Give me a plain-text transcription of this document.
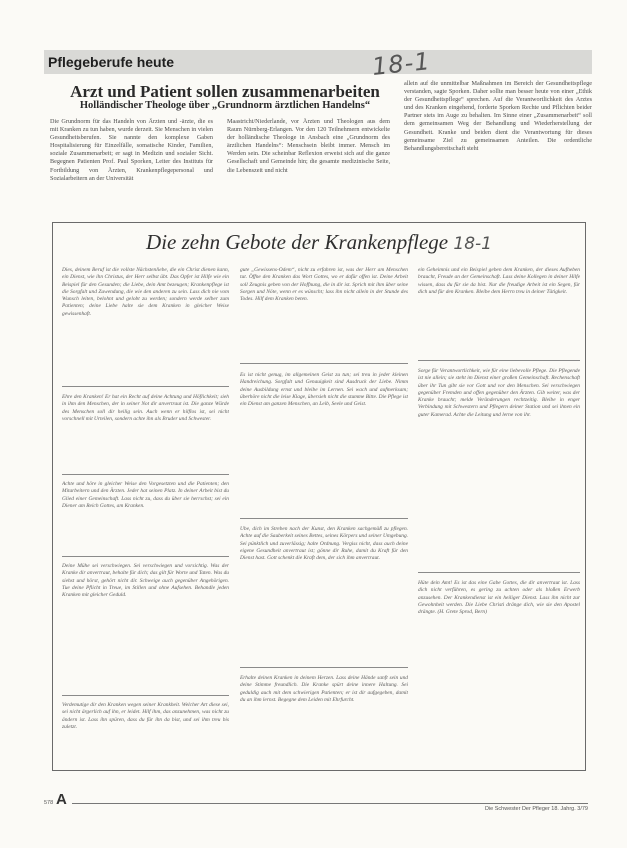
Pflegeberufe heute	18-1
Arzt und Patient sollen zusammenarbeiten
Holländischer Theologe über „Grundnorm ärztlichen Handelns“
Die Grundnorm für das Handeln von Ärzten und -ärzte, die es mit Kranken zu tun haben, wurde derzeit. Sie Menschen in vielen Gesundheitsberufen. Sie nannte den komplexe Gaben Hospitalisierung für Einzelfälle, somatische Kinder, Familien, soziale Zusammenarbeit; er sagt in Medizin und sozialer Sicht. Begegnen Patienten Prof. Paul Sporken, Leiter des Instituts für Fortbildung von Ärzten, Krankenpflegepersonal und Sozialarbeitern an der Universität
Maastricht/Niederlande, vor Ärzten und Theologen aus dem Raum Nürnberg-Erlangen. Vor den 120 Teilnehmern entwickelte der holländische Theologe in Ansbach eine „Grundnorm des ärztlichen Handelns“: Menschsein bleibt immer. Mensch im Werden sein. Die scheinbar Reflexion erweist sich auf die ganze Gesellschaft und Gemeinde hin; die gesamte medizinische Seite, die Lebenszeit und nicht
allein auf die unmittelbar Maßnahmen im Bereich der Gesundheitspflege verstanden, sagte Sporken. Daher sollte man besser heute von einer „Ethik der Gesundheitspflege“ sprechen. Auf die Verantwortlichkeit des Arztes und des Kranken eingehend, forderte Sporken Rechte und Pflichten beider Partner stets im Auge zu behalten. Im Sinne einer „Zusammenarbeit“ soll dem gemeinsamen Weg der Behandlung und Wiederherstellung der Gesundheit. Kranke und beiden dient die Verantwortung für dieses gemeinsame Ziel zu gemeinsamen Anteilen. Die ordentliche Behandlungsbereitschaft steht
Die zehn Gebote der Krankenpflege 18-1
Dies, deinem Beruf ist die vollste Nächstenliebe, die ein Christ dienen kann, ein Dienst, wie ihn Christus, der Herr selbst übt. Das Opfer ist Hilfe wie ein Beispiel für den Gesunden; die Liebe, dein Amt bezeugen; Krankenpflege ist die Sorgfalt und Zuwendung, die wie den anderen zu sein. Lass dich nie vom Wunsch leiten, belohnt und gelobt zu werden; sondern werde selber zum Patienten; deine Liebe halte sie dem Kranken in gleicher Weise gewissenhaft.
Ehre den Kranken! Er hat ein Recht auf deine Achtung und Höflichkeit; sieh in ihm den Menschen, der in seiner Not dir anvertraut ist. Die ganze Würde des Menschen soll dir heilig sein. Auch wenn er hilflos ist, sei nicht vorschnell mit Urteilen, sondern achte ihn als Bruder und Schwester.
Achte und höre in gleicher Weise den Vorgesetzten und die Patienten; den Mitarbeitern und den Ärzten. Jeder hat seinen Platz. In deiner Arbeit bist du Glied einer Gemeinschaft. Lass nicht zu, dass du über sie herrschst; sei ein Diener am Reich Gottes, am Kranken.
Deine Mühe sei verschwiegen. Sei verschwiegen und vorsichtig. Was der Kranke dir anvertraut, behalte für dich; das gilt für Worte und Taten. Was du siehst und hörst, gehört nicht dir. Schweige auch gegenüber Angehörigen. Tue deine Pflicht in Treue, im Stillen und ohne Aufsehen. Behandle jeden Kranken mit gleicher Geduld.
Verdemutige dir den Kranken wegen seiner Krankheit. Welcher Art diese sei, sei nicht ärgerlich auf ihn, er leidet. Hilf ihm, das anzunehmen, was nicht zu ändern ist. Lass ihn spüren, dass du für ihn da bist, und sei ihm treu bis zuletzt.
gute „Gewissens-Odem“, nicht zu erfahren ist, was der Herr am Menschen tut. Öffne den Kranken das Wort Gottes, wo er dafür offen ist. Deine Arbeit soll Zeugnis geben von der Hoffnung, die in dir ist. Sprich mit ihm über seine Sorgen und Nöte, wenn er es wünscht; lass ihn nicht allein in der Stunde des Todes. Hilf dem Kranken beten.
Es ist nicht genug, im allgemeinen Geist zu tun; sei treu in jeder kleinen Handreichung. Sorgfalt und Genauigkeit sind Ausdruck der Liebe. Nimm deine Ausbildung ernst und bleibe im Lernen. Sei wach und aufmerksam; überhöre nicht die leise Klage, übersieh nicht die stumme Bitte. Die Pflege ist ein Dienst am ganzen Menschen, an Leib, Seele und Geist.
Übe, dich im Streben nach der Kunst, den Kranken sachgemäß zu pflegen. Achte auf die Sauberkeit seines Bettes, seines Körpers und seiner Umgebung. Sei pünktlich und zuverlässig; halte Ordnung. Vergiss nicht, dass auch deine eigene Gesundheit anvertraut ist; gönne dir Ruhe, damit du Kraft für den Dienst hast. Gott schenkt die Kraft dem, der sich ihm anvertraut.
Erhalte deinen Kranken in deinem Herzen. Lass deine Hände sanft sein und deine Stimme freundlich. Die Kranke spürt deine innere Haltung. Sei geduldig auch mit dem schwierigen Patienten; er ist dir aufgegeben, damit du an ihm lernst. Begegne dem Leiden mit Ehrfurcht.
ein Geheimnis und ein Beispiel geben dem Kranken, der dieses Aufheben braucht, Freude an der Gemeinschaft. Lass deine Kollegen in deiner Hilfe wissen, dass du für sie da bist. Nur die freudige Arbeit ist ein Segen, für dich und für den Kranken. Bleibe dem Herrn treu in deiner Tätigkeit.
Sorge für Verantwortlichkeit, wie für eine liebevolle Pflege. Die Pflegende ist nie allein; sie steht im Dienst einer großen Gemeinschaft. Rechenschaft über ihr Tun gibt sie vor Gott und vor den Menschen. Sei verschwiegen gegenüber Fremden und offen gegenüber den Ärzten. Gib weiter, was der Kranke braucht; melde Veränderungen rechtzeitig. Bleibe in enger Verbindung mit Schwestern und Pflegern deiner Station und sei ihnen ein guter Kamerad. Achte die Leitung und lerne von ihr.
Hüte dein Amt! Es ist das eine Gabe Gottes, die dir anvertraut ist. Lass dich nicht verführen, es gering zu achten oder als bloßen Erwerb anzusehen. Der Krankendienst ist ein heiliger Dienst. Lass ihn nicht zur Gewohnheit werden. Die Liebe Christi dränge dich, wie sie den Apostel drängte. (H. Grete Sprod, Bern)
578 A
Die Schwester Der Pfleger 18. Jahrg. 3/79
